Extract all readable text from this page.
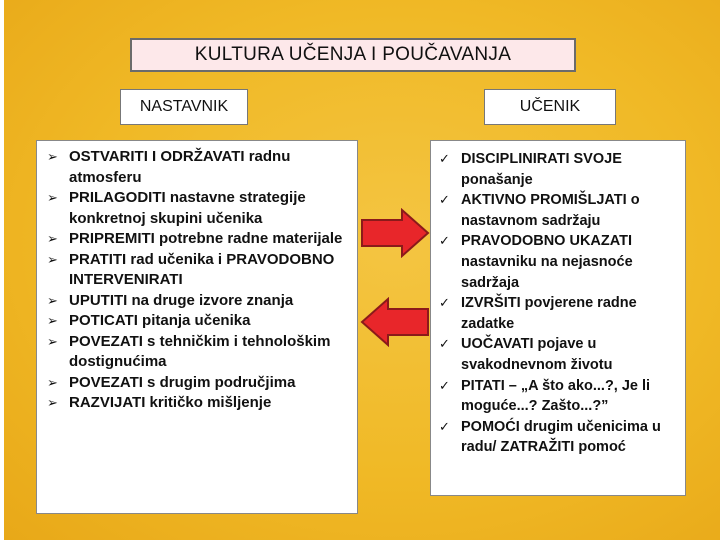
KULTURA UČENJA I POUČAVANJA
NASTAVNIK	UČENIK
➢ OSTVARITI I ODRŽAVATI radnu atmosferu
➢ PRILAGODITI nastavne strategije konkretnoj skupini učenika
➢ PRIPREMITI potrebne radne materijale
➢ PRATITI rad učenika i PRAVODOBNO INTERVENIRATI
➢ UPUTITI na druge izvore znanja
➢ POTICATI pitanja učenika
➢ POVEZATI s tehničkim i tehnološkim dostignućima
➢ POVEZATI s drugim područjima
➢ RAZVIJATI kritičko mišljenje
✓ DISCIPLINIRATI SVOJE ponašanje
✓ AKTIVNO PROMIŠLJATI o nastavnom sadržaju
✓ PRAVODOBNO UKAZATI nastavniku na nejasnoće sadržaja
✓ IZVRŠITI povjerene radne zadatke
✓ UOČAVATI pojave u svakodnevnom životu
✓ PITATI – „A što ako...?, Je li moguće...? Zašto...?”
✓ POMOĆI drugim učenicima u radu/ ZATRAŽITI pomoć
